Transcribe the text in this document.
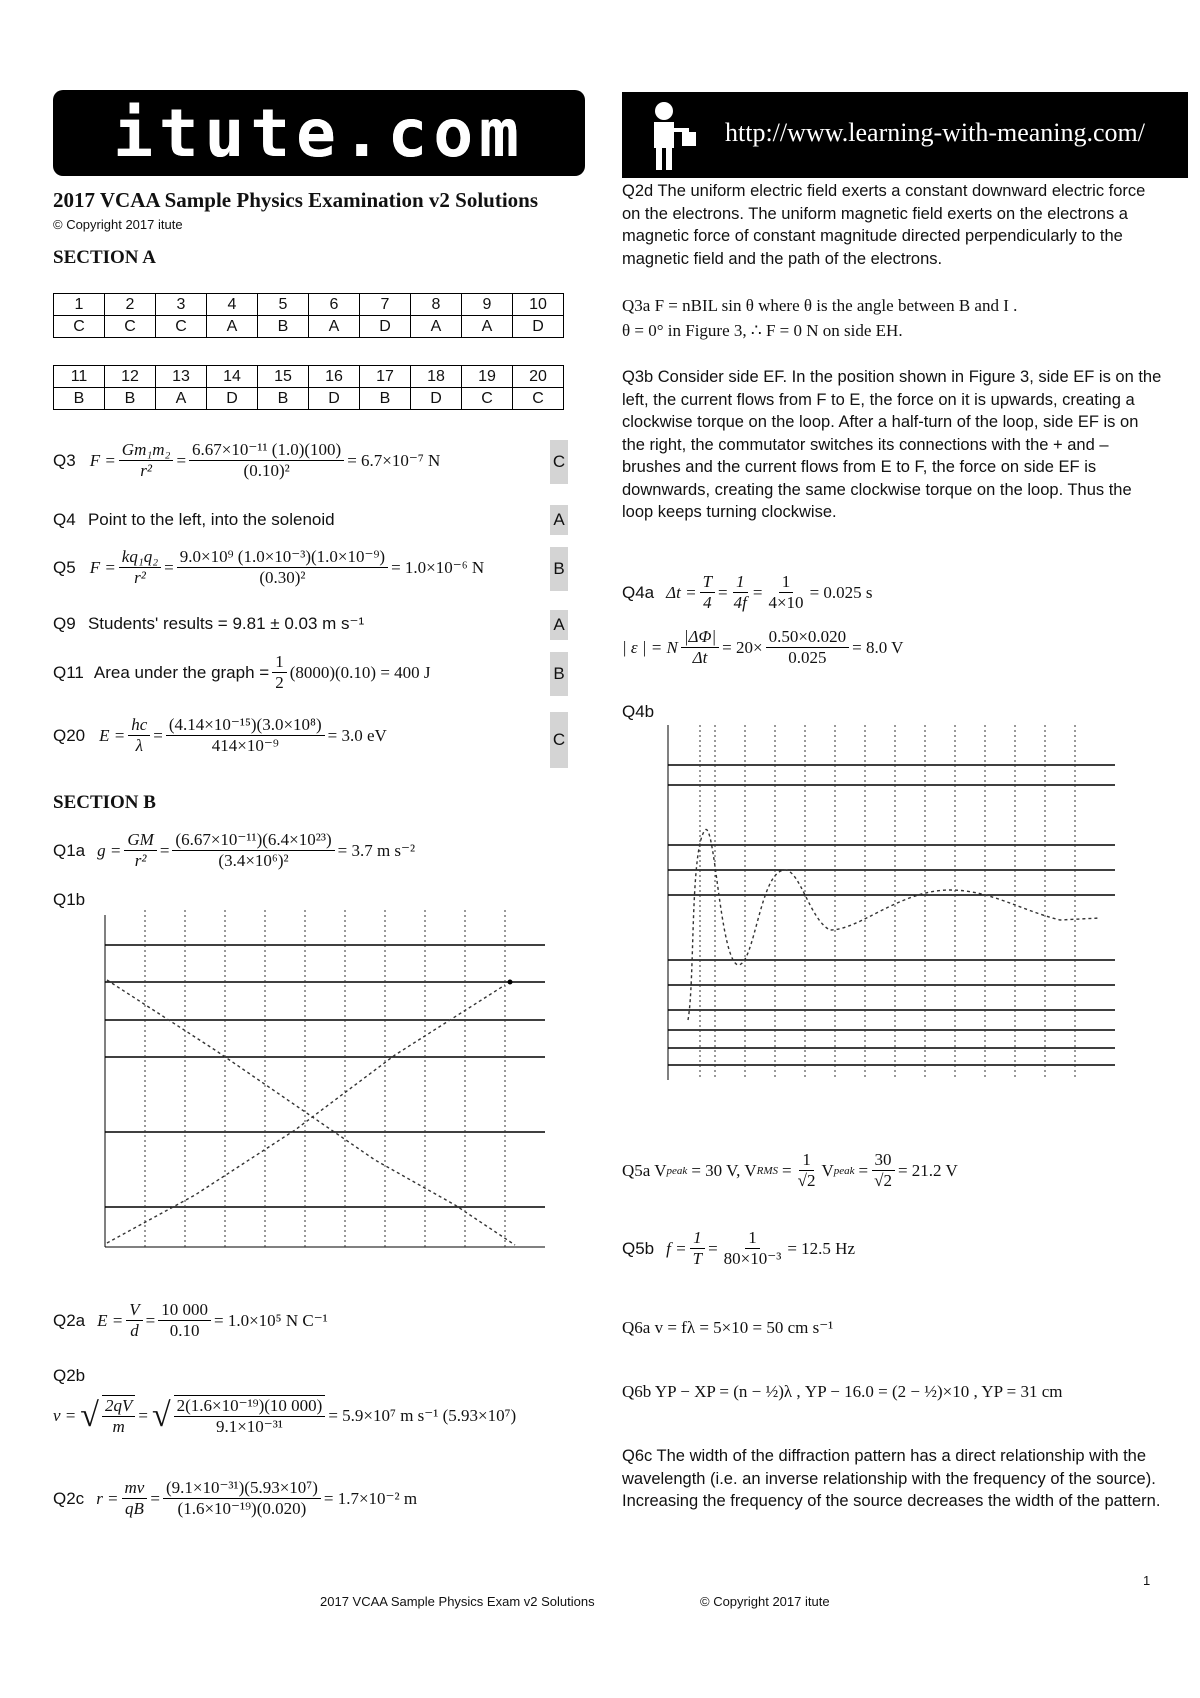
itute.com	http://www.learning-with-meaning.com/
2017 VCAA Sample Physics Examination v2 Solutions
© Copyright 2017 itute
SECTION A
1	2	3	4	5	6	7	8	9	10
C	C	C	A	B	A	D	A	A	D
11	12	13	14	15	16	17	18	19	20
B	B	A	D	B	D	B	D	C	C
Q3 $F = \frac{\text{Gm₁m₂}}{\text{r²}} = \frac{\text{6.67×10⁻¹¹ (1.0)(100)}}{\text{(0.10)²}} = 6.7\times 10^{-7}$ N	C
Q4 Point to the left, into the solenoid	A
Q5 $F = \frac{\text{kq₁q₂}}{\text{r²}} = \frac{\text{9.0×10⁹ (1.0×10⁻³)(1.0×10⁻⁹)}}{\text{(0.30)²}} = 1.0\times 10^{-6}$ N	B
Q9 Students' results = 9.81 ± 0.03 m s⁻¹	A
Q11 Area under the graph = $\frac{1}{2} (8000)(0.10) = 400$ J	B
Q20 $E = \frac{hc}{\lambda} = \frac{\text{(4.14×10⁻¹⁵)(3.0×10⁸)}}{\text{414×10⁻⁹}} = 3.0$ eV	C
SECTION B
Q1a $g = \frac{GM}{\text{r²}} = \frac{\text{(6.67×10⁻¹¹)(6.4×10²³)}}{\text{(3.4×10⁶)²}} = 3.7$ m s⁻²
Q1b
Q2a $E = \frac{V}{d} = \frac{10 000}{0.10} = 1.0\times 10^5$ N C⁻¹
Q2b
v = √ $\frac{2qV}{m}$ = √ $\frac{\text{2(1.6×10⁻¹⁹)(10 000)}}{\text{9.1×10⁻³¹}} = 5.9\times 10^7$ m s⁻¹ (5.93×10⁷)
Q2c $r = \frac{mv}{qB} = \frac{\text{(9.1×10⁻³¹)(5.93×10⁷)}}{\text{(1.6×10⁻¹⁹)(0.020)}} = 1.7\times 10^{-2}$ m
Q2d The uniform electric field exerts a constant downward electric force on the electrons. The uniform magnetic field exerts on the electrons a magnetic force of constant magnitude directed perpendicularly to the magnetic field and the path of the electrons.
Q3a F = nBIL sin θ where θ is the angle between B and I .
θ = 0° in Figure 3, ∴ F = 0 N on side EH.
Q3b Consider side EF. In the position shown in Figure 3, side EF is on the left, the current flows from F to E, the force on it is upwards, creating a clockwise torque on the loop. After a half-turn of the loop, side EF is on the right, the commutator switches its connections with the + and – brushes and the current flows from E to F, the force on side EF is downwards, creating the same clockwise torque on the loop. Thus the loop keeps turning clockwise.
Q4a $\Delta t = \frac{T}{4} = \frac{1}{4f} = \frac{1}{4\times 10} = 0.025$ s
| ε | = N $\frac{|\Delta\Phi|}{\Delta t} = 20\times \frac{0.50\times 0.020}{0.025} = 8.0$ V
Q4b
Q5a V peak = 30 V, V RMS = $\frac{1}{√2}$ V peak = $\frac{30}{√2} = 21.2$ V
Q5b $f = \frac{1}{T} = \frac{1}{\text{80×10⁻³}} = 12.5$ Hz
Q6a v = fλ = 5×10 = 50 cm s⁻¹
Q6b YP − XP = (n − ½)λ , YP − 16.0 = (2 − ½)×10 , YP = 31 cm
Q6c The width of the diffraction pattern has a direct relationship with the wavelength (i.e. an inverse relationship with the frequency of the source). Increasing the frequency of the source decreases the width of the pattern.
1
2017 VCAA Sample Physics Exam v2 Solutions	© Copyright 2017 itute
